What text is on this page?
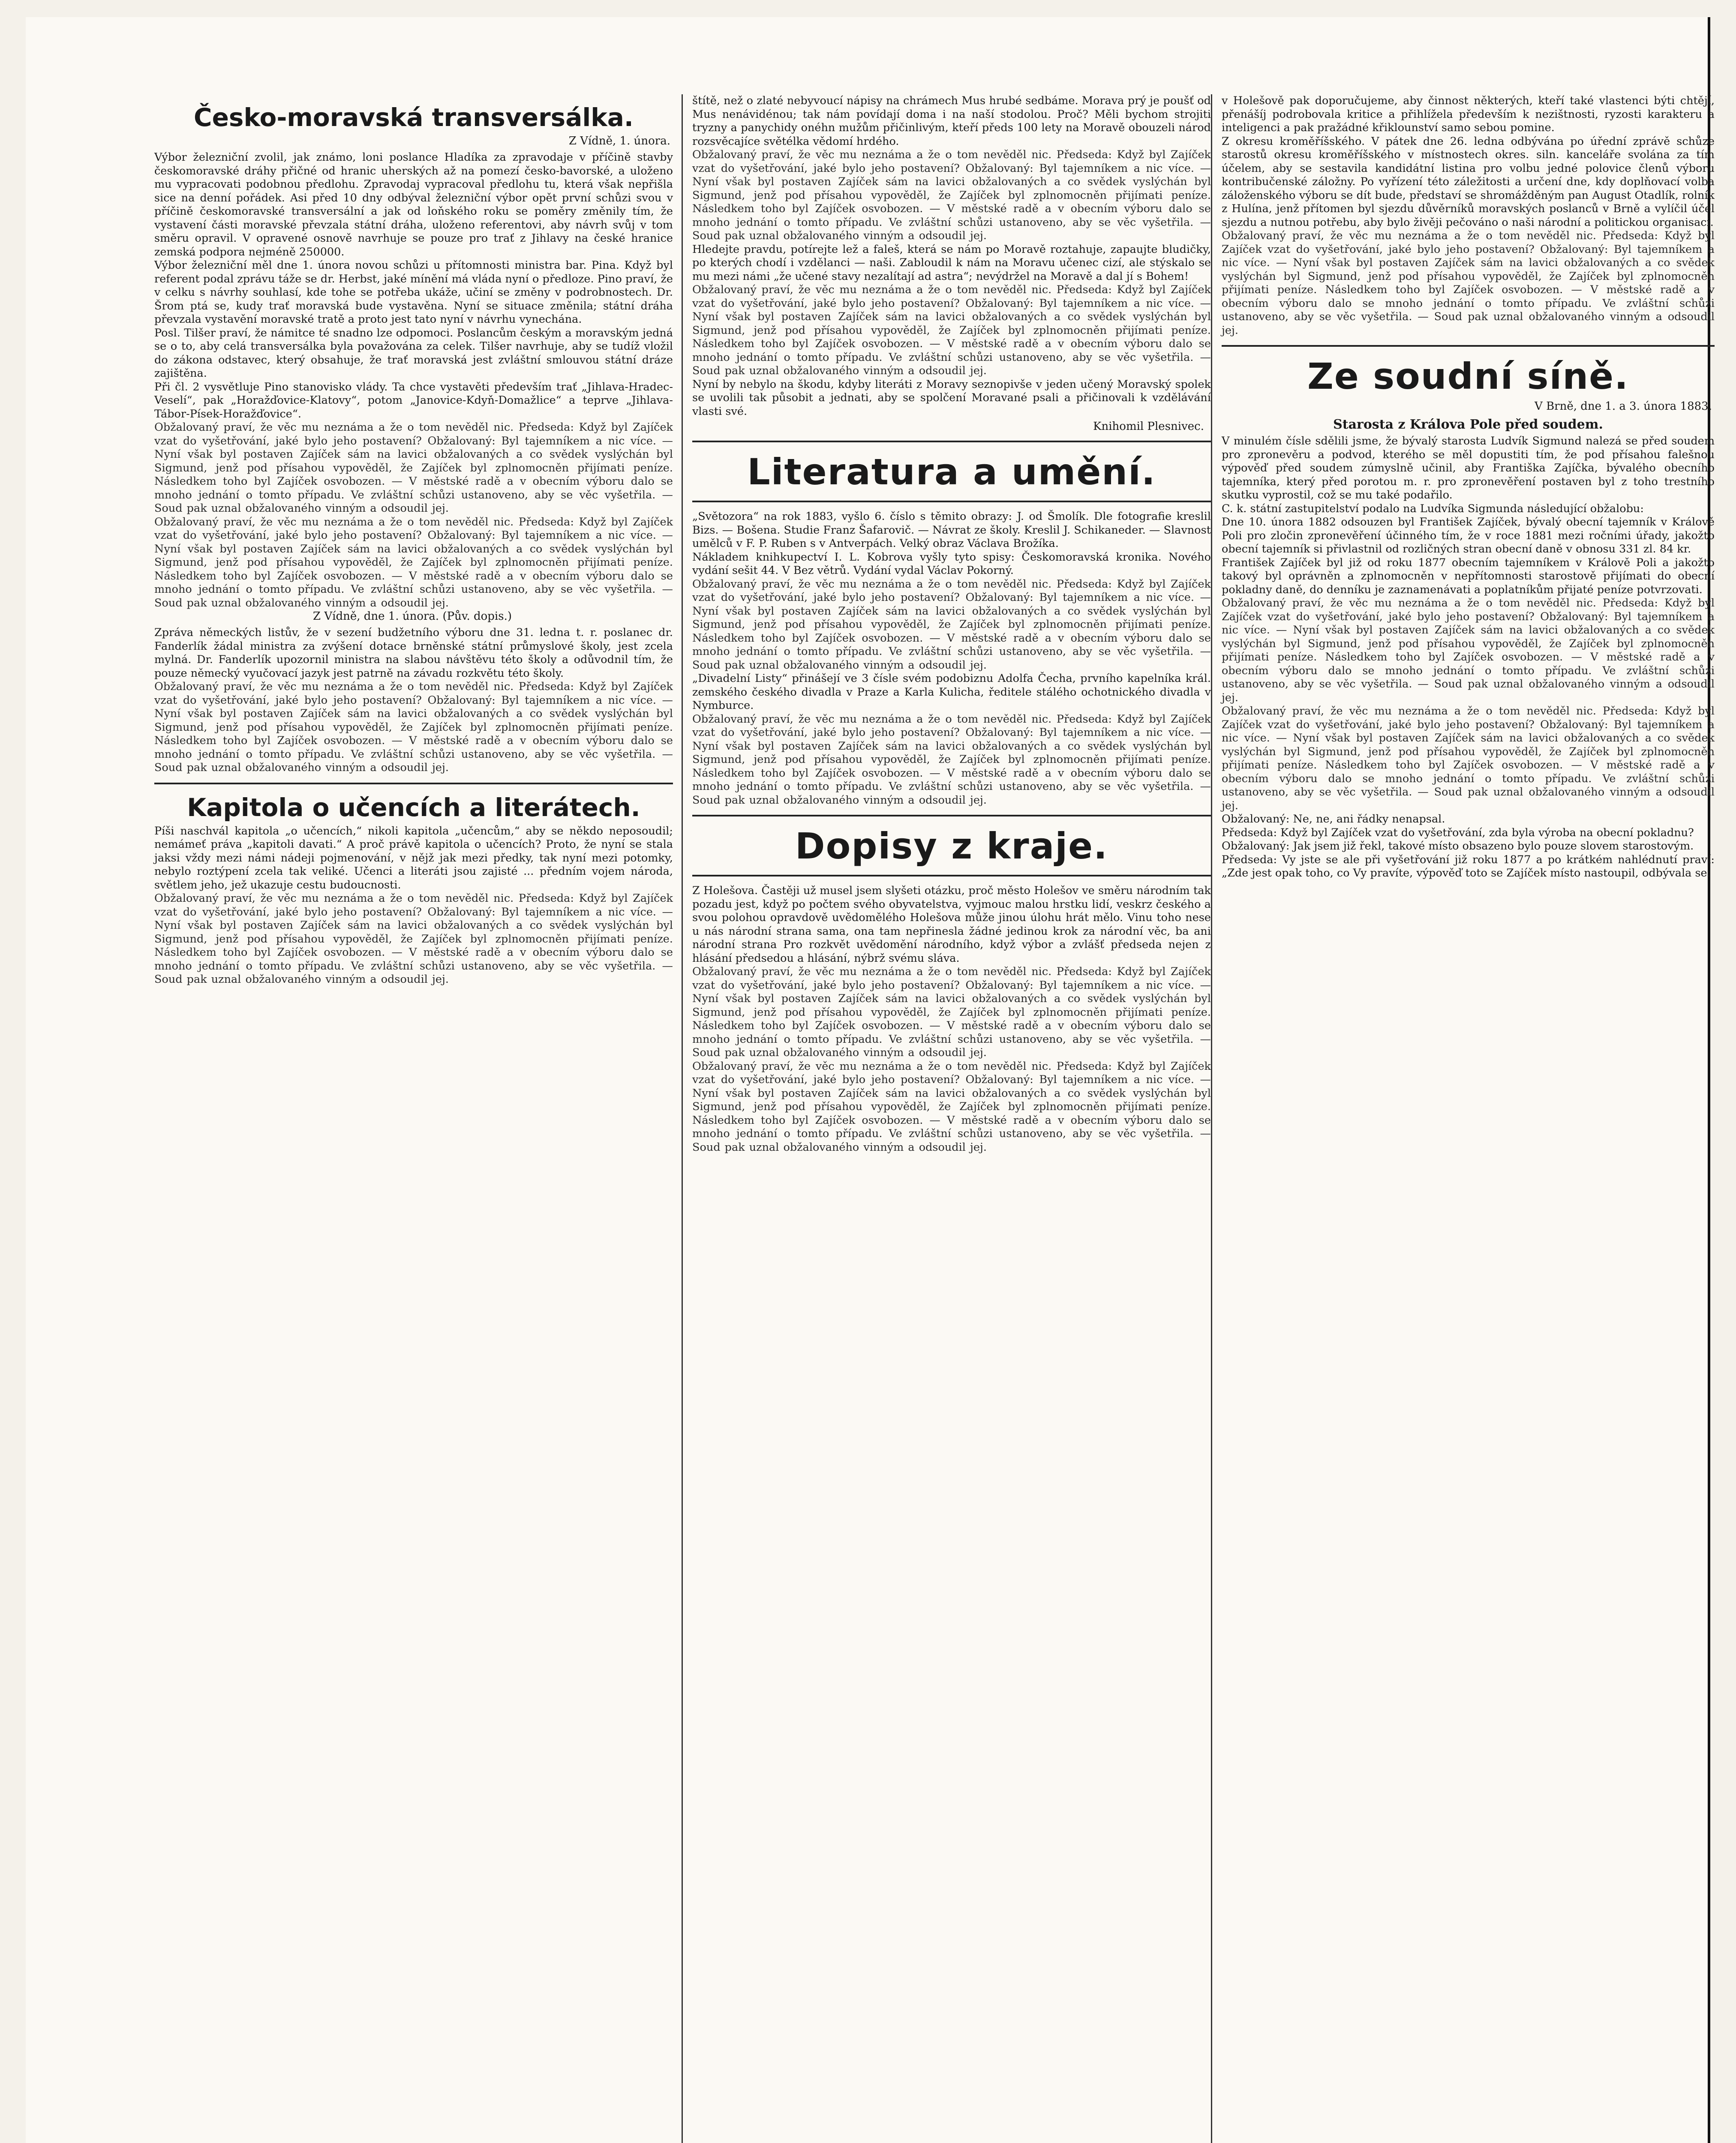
Česko-moravská transversálka.
Z Vídně, 1. února.

Výbor železniční zvolil, jak známo, loni poslance Hladíka za zpravodaje v příčině stavby českomoravské dráhy přičné od hranic uherských až na pomezí česko-bavorské, a uloženo mu vypracovati podobnou předlohu. Zpravodaj vypracoval předlohu tu, která však nepřišla sice na denní pořádek. Asi před 10 dny odbýval železniční výbor opět první schůzi svou v příčině českomoravské transversální a jak od loňského roku se poměry změnily tím, že vystavení části moravské převzala státní dráha, uloženo referentovi, aby návrh svůj v tom směru opravil. V opravené osnově navrhuje se pouze pro trať z Jihlavy na české hranice zemská podpora nejméně 250000.

Výbor železniční měl dne 1. února novou schůzi u přítomnosti ministra bar. Pina. Když byl referent podal zprávu táže se dr. Herbst, jaké mínění má vláda nyní o předloze. Pino praví, že v celku s návrhy souhlasí, kde tohe se potřeba ukáže, učiní se změny v podrobnostech. Dr. Šrom ptá se, kudy trať moravská bude vystavěna. Nyní se situace změnila; státní dráha převzala vystavění moravské tratě a proto jest tato nyní v návrhu vynechána.

Posl. Tilšer praví, že námitce té snadno lze odpomoci. Poslancům českým a moravským jedná se o to, aby celá transversálka byla považována za celek. Tilšer navrhuje, aby se tudíž vložil do zákona odstavec, který obsahuje, že trať moravská jest zvláštní smlouvou státní dráze zajištěna.

Při čl. 2 vysvětluje Pino stanovisko vlády. Ta chce vystavěti především trať „Jihlava-Hradec-Veselí“, pak „Horažďovice-Klatovy“, potom „Janovice-Kdyň-Domažlice“ a teprve „Jihlava-Tábor-Písek-Horažďovice“.

Obžalovaný praví, že věc mu neznáma a že o tom nevěděl nic. Předseda: Když byl Zajíček vzat do vyšetřování, jaké bylo jeho postavení? Obžalovaný: Byl tajemníkem a nic více. — Nyní však byl postaven Zajíček sám na lavici obžalovaných a co svědek vyslýchán byl Sigmund, jenž pod přísahou vypověděl, že Zajíček byl zplnomocněn přijímati peníze. Následkem toho byl Zajíček osvobozen. — V městské radě a v obecním výboru dalo se mnoho jednání o tomto případu. Ve zvláštní schůzi ustanoveno, aby se věc vyšetřila. — Soud pak uznal obžalovaného vinným a odsoudil jej.
Obžalovaný praví, že věc mu neznáma a že o tom nevěděl nic. Předseda: Když byl Zajíček vzat do vyšetřování, jaké bylo jeho postavení? Obžalovaný: Byl tajemníkem a nic více. — Nyní však byl postaven Zajíček sám na lavici obžalovaných a co svědek vyslýchán byl Sigmund, jenž pod přísahou vypověděl, že Zajíček byl zplnomocněn přijímati peníze. Následkem toho byl Zajíček osvobozen. — V městské radě a v obecním výboru dalo se mnoho jednání o tomto případu. Ve zvláštní schůzi ustanoveno, aby se věc vyšetřila. — Soud pak uznal obžalovaného vinným a odsoudil jej.
Z Vídně, dne 1. února. (Pův. dopis.)

Zpráva německých listův, že v sezení budžetního výboru dne 31. ledna t. r. poslanec dr. Fanderlík žádal ministra za zvýšení dotace brněnské státní průmyslové školy, jest zcela mylná. Dr. Fanderlík upozornil ministra na slabou návštěvu této školy a odůvodnil tím, že pouze německý vyučovací jazyk jest patrně na závadu rozkvětu této školy.

Obžalovaný praví, že věc mu neznáma a že o tom nevěděl nic. Předseda: Když byl Zajíček vzat do vyšetřování, jaké bylo jeho postavení? Obžalovaný: Byl tajemníkem a nic více. — Nyní však byl postaven Zajíček sám na lavici obžalovaných a co svědek vyslýchán byl Sigmund, jenž pod přísahou vypověděl, že Zajíček byl zplnomocněn přijímati peníze. Následkem toho byl Zajíček osvobozen. — V městské radě a v obecním výboru dalo se mnoho jednání o tomto případu. Ve zvláštní schůzi ustanoveno, aby se věc vyšetřila. — Soud pak uznal obžalovaného vinným a odsoudil jej.
Kapitola o učencích a literátech.

Píši naschvál kapitola „o učencích,“ nikoli kapitola „učencům,“ aby se někdo neposoudil; nemámeť práva „kapitoli davati.“ A proč právě kapitola o učencích? Proto, že nyní se stala jaksi vždy mezi námi nádeji pojmenování, v nějž jak mezi předky, tak nyní mezi potomky, nebylo roztýpení zcela tak veliké. Učenci a literáti jsou zajisté ... předním vojem národa, světlem jeho, jež ukazuje cestu budoucnosti.

Obžalovaný praví, že věc mu neznáma a že o tom nevěděl nic. Předseda: Když byl Zajíček vzat do vyšetřování, jaké bylo jeho postavení? Obžalovaný: Byl tajemníkem a nic více. — Nyní však byl postaven Zajíček sám na lavici obžalovaných a co svědek vyslýchán byl Sigmund, jenž pod přísahou vypověděl, že Zajíček byl zplnomocněn přijímati peníze. Následkem toho byl Zajíček osvobozen. — V městské radě a v obecním výboru dalo se mnoho jednání o tomto případu. Ve zvláštní schůzi ustanoveno, aby se věc vyšetřila. — Soud pak uznal obžalovaného vinným a odsoudil jej.

štítě, než o zlaté nebyvoucí nápisy na chrámech Mus hrubé sedbáme. Morava prý je poušť od Mus nenávidénou; tak nám povídají doma i na naší stodolou. Proč? Měli bychom strojiti tryzny a panychidy onéhn mužům přičinlivým, kteří předs 100 lety na Moravě obouzeli národ rozsvěcajíce světélka vědomí hrdého.

Obžalovaný praví, že věc mu neznáma a že o tom nevěděl nic. Předseda: Když byl Zajíček vzat do vyšetřování, jaké bylo jeho postavení? Obžalovaný: Byl tajemníkem a nic více. — Nyní však byl postaven Zajíček sám na lavici obžalovaných a co svědek vyslýchán byl Sigmund, jenž pod přísahou vypověděl, že Zajíček byl zplnomocněn přijímati peníze. Následkem toho byl Zajíček osvobozen. — V městské radě a v obecním výboru dalo se mnoho jednání o tomto případu. Ve zvláštní schůzi ustanoveno, aby se věc vyšetřila. — Soud pak uznal obžalovaného vinným a odsoudil jej.

Hledejte pravdu, potírejte lež a faleš, která se nám po Moravě roztahuje, zapaujte bludičky, po kterých chodí i vzdělanci — naši. Zabloudil k nám na Moravu učenec cizí, ale stýskalo se mu mezi námi „že učené stavy nezalítají ad astra“; nevýdržel na Moravě a dal jí s Bohem!

Obžalovaný praví, že věc mu neznáma a že o tom nevěděl nic. Předseda: Když byl Zajíček vzat do vyšetřování, jaké bylo jeho postavení? Obžalovaný: Byl tajemníkem a nic více. — Nyní však byl postaven Zajíček sám na lavici obžalovaných a co svědek vyslýchán byl Sigmund, jenž pod přísahou vypověděl, že Zajíček byl zplnomocněn přijímati peníze. Následkem toho byl Zajíček osvobozen. — V městské radě a v obecním výboru dalo se mnoho jednání o tomto případu. Ve zvláštní schůzi ustanoveno, aby se věc vyšetřila. — Soud pak uznal obžalovaného vinným a odsoudil jej.

Nyní by nebylo na škodu, kdyby literáti z Moravy seznopivše v jeden učený Moravský spolek se uvolili tak působit a jednati, aby se spolčení Moravané psali a přičinovali k vzdělávání vlasti své.

Knihomil Plesnivec.
Literatura a umění.

„Světozora“ na rok 1883, vyšlo 6. číslo s těmito obrazy: J. od Šmolík. Dle fotografie kreslil Bizs. — Bošena. Studie Franz Šafarovič. — Návrat ze školy. Kreslil J. Schikaneder. — Slavnost umělců v F. P. Ruben s v Antverpách. Velký obraz Václava Brožíka.

Nákladem knihkupectví I. L. Kobrova vyšly tyto spisy: Českomoravská kronika. Nového vydání sešit 44. V Bez větrů. Vydání vydal Václav Pokorný.

Obžalovaný praví, že věc mu neznáma a že o tom nevěděl nic. Předseda: Když byl Zajíček vzat do vyšetřování, jaké bylo jeho postavení? Obžalovaný: Byl tajemníkem a nic více. — Nyní však byl postaven Zajíček sám na lavici obžalovaných a co svědek vyslýchán byl Sigmund, jenž pod přísahou vypověděl, že Zajíček byl zplnomocněn přijímati peníze. Následkem toho byl Zajíček osvobozen. — V městské radě a v obecním výboru dalo se mnoho jednání o tomto případu. Ve zvláštní schůzi ustanoveno, aby se věc vyšetřila. — Soud pak uznal obžalovaného vinným a odsoudil jej.

„Divadelní Listy“ přinášejí ve 3 čísle svém podobiznu Adolfa Čecha, prvního kapelníka král. zemského českého divadla v Praze a Karla Kulicha, ředitele stálého ochotnického divadla v Nymburce.

Obžalovaný praví, že věc mu neznáma a že o tom nevěděl nic. Předseda: Když byl Zajíček vzat do vyšetřování, jaké bylo jeho postavení? Obžalovaný: Byl tajemníkem a nic více. — Nyní však byl postaven Zajíček sám na lavici obžalovaných a co svědek vyslýchán byl Sigmund, jenž pod přísahou vypověděl, že Zajíček byl zplnomocněn přijímati peníze. Následkem toho byl Zajíček osvobozen. — V městské radě a v obecním výboru dalo se mnoho jednání o tomto případu. Ve zvláštní schůzi ustanoveno, aby se věc vyšetřila. — Soud pak uznal obžalovaného vinným a odsoudil jej.
Dopisy z kraje.

Z Holešova. Častěji už musel jsem slyšeti otázku, proč město Holešov ve směru národním tak pozadu jest, když po počtem svého obyvatelstva, vyjmouc malou hrstku lidí, veskrz českého a svou polohou opravdově uvědomělého Holešova může jinou úlohu hrát mělo. Vinu toho nese u nás národní strana sama, ona tam nepřinesla žádné jedinou krok za národní věc, ba ani národní strana Pro rozkvět uvědomění národního, když výbor a zvlášť předseda nejen z hlásání předsedou a hlásání, nýbrž svému sláva.

Obžalovaný praví, že věc mu neznáma a že o tom nevěděl nic. Předseda: Když byl Zajíček vzat do vyšetřování, jaké bylo jeho postavení? Obžalovaný: Byl tajemníkem a nic více. — Nyní však byl postaven Zajíček sám na lavici obžalovaných a co svědek vyslýchán byl Sigmund, jenž pod přísahou vypověděl, že Zajíček byl zplnomocněn přijímati peníze. Následkem toho byl Zajíček osvobozen. — V městské radě a v obecním výboru dalo se mnoho jednání o tomto případu. Ve zvláštní schůzi ustanoveno, aby se věc vyšetřila. — Soud pak uznal obžalovaného vinným a odsoudil jej.
Obžalovaný praví, že věc mu neznáma a že o tom nevěděl nic. Předseda: Když byl Zajíček vzat do vyšetřování, jaké bylo jeho postavení? Obžalovaný: Byl tajemníkem a nic více. — Nyní však byl postaven Zajíček sám na lavici obžalovaných a co svědek vyslýchán byl Sigmund, jenž pod přísahou vypověděl, že Zajíček byl zplnomocněn přijímati peníze. Následkem toho byl Zajíček osvobozen. — V městské radě a v obecním výboru dalo se mnoho jednání o tomto případu. Ve zvláštní schůzi ustanoveno, aby se věc vyšetřila. — Soud pak uznal obžalovaného vinným a odsoudil jej.

v Holešově pak doporučujeme, aby činnost některých, kteří také vlastenci býti chtějí, přenášíj podrobovala kritice a přihlížela především k nezištnosti, ryzosti karakteru a inteligenci a pak pražádné křiklounství samo sebou pomine.

Z okresu kroměříšského. V pátek dne 26. ledna odbývána po úřední zprávě schůze starostů okresu kroměříšského v místnostech okres. siln. kanceláře svolána za tím účelem, aby se sestavila kandidátní listina pro volbu jedné polovice členů výboru kontribučenské záložny. Po vyřízení této záležitosti a určení dne, kdy doplňovací volba záloženského výboru se dít bude, představí se shromážděným pan August Otadlík, rolník z Hulína, jenž přítomen byl sjezdu důvěrníků moravských poslanců v Brně a vylíčil účel sjezdu a nutnou potřebu, aby bylo živěji pečováno o naši národní a politickou organisaci.

Obžalovaný praví, že věc mu neznáma a že o tom nevěděl nic. Předseda: Když byl Zajíček vzat do vyšetřování, jaké bylo jeho postavení? Obžalovaný: Byl tajemníkem a nic více. — Nyní však byl postaven Zajíček sám na lavici obžalovaných a co svědek vyslýchán byl Sigmund, jenž pod přísahou vypověděl, že Zajíček byl zplnomocněn přijímati peníze. Následkem toho byl Zajíček osvobozen. — V městské radě a v obecním výboru dalo se mnoho jednání o tomto případu. Ve zvláštní schůzi ustanoveno, aby se věc vyšetřila. — Soud pak uznal obžalovaného vinným a odsoudil jej.
Ze soudní síně.
V Brně, dne 1. a 3. února 1883.
Starosta z Králova Pole před soudem.

V minulém čísle sdělili jsme, že bývalý starosta Ludvík Sigmund nalezá se před soudem pro zpronevěru a podvod, kterého se měl dopustiti tím, že pod přísahou falešnou výpověď před soudem zúmyslně učinil, aby Františka Zajíčka, bývalého obecního tajemníka, který před porotou m. r. pro zpronevěření postaven byl z toho trestního skutku vyprostil, což se mu také podařilo.

C. k. státní zastupitelství podalo na Ludvíka Sigmunda následující obžalobu:

Dne 10. února 1882 odsouzen byl František Zajíček, bývalý obecní tajemník v Králově Poli pro zločin zpronevěření účinného tím, že v roce 1881 mezi ročními úřady, jakožto obecní tajemník si přivlastnil od rozličných stran obecní daně v obnosu 331 zl. 84 kr.

František Zajíček byl již od roku 1877 obecním tajemníkem v Králově Poli a jakožto takový byl oprávněn a zplnomocněn v nepřítomnosti starostově přijímati do obecní pokladny daně, do denníku je zaznamenávati a poplatníkům přijaté peníze potvrzovati.

Obžalovaný praví, že věc mu neznáma a že o tom nevěděl nic. Předseda: Když byl Zajíček vzat do vyšetřování, jaké bylo jeho postavení? Obžalovaný: Byl tajemníkem a nic více. — Nyní však byl postaven Zajíček sám na lavici obžalovaných a co svědek vyslýchán byl Sigmund, jenž pod přísahou vypověděl, že Zajíček byl zplnomocněn přijímati peníze. Následkem toho byl Zajíček osvobozen. — V městské radě a v obecním výboru dalo se mnoho jednání o tomto případu. Ve zvláštní schůzi ustanoveno, aby se věc vyšetřila. — Soud pak uznal obžalovaného vinným a odsoudil jej.
Obžalovaný praví, že věc mu neznáma a že o tom nevěděl nic. Předseda: Když byl Zajíček vzat do vyšetřování, jaké bylo jeho postavení? Obžalovaný: Byl tajemníkem a nic více. — Nyní však byl postaven Zajíček sám na lavici obžalovaných a co svědek vyslýchán byl Sigmund, jenž pod přísahou vypověděl, že Zajíček byl zplnomocněn přijímati peníze. Následkem toho byl Zajíček osvobozen. — V městské radě a v obecním výboru dalo se mnoho jednání o tomto případu. Ve zvláštní schůzi ustanoveno, aby se věc vyšetřila. — Soud pak uznal obžalovaného vinným a odsoudil jej.

Obžalovaný: Ne, ne, ani řádky nenapsal.

Předseda: Když byl Zajíček vzat do vyšetřování, zda byla výroba na obecní pokladnu?

Obžalovaný: Jak jsem již řekl, takové místo obsazeno bylo pouze slovem starostovým.

Předseda: Vy jste se ale při vyšetřování již roku 1877 a po krátkém nahlédnutí praví: „Zde jest opak toho, co Vy pravíte, výpověď toto se Zajíček místo nastoupil, odbývala se.
